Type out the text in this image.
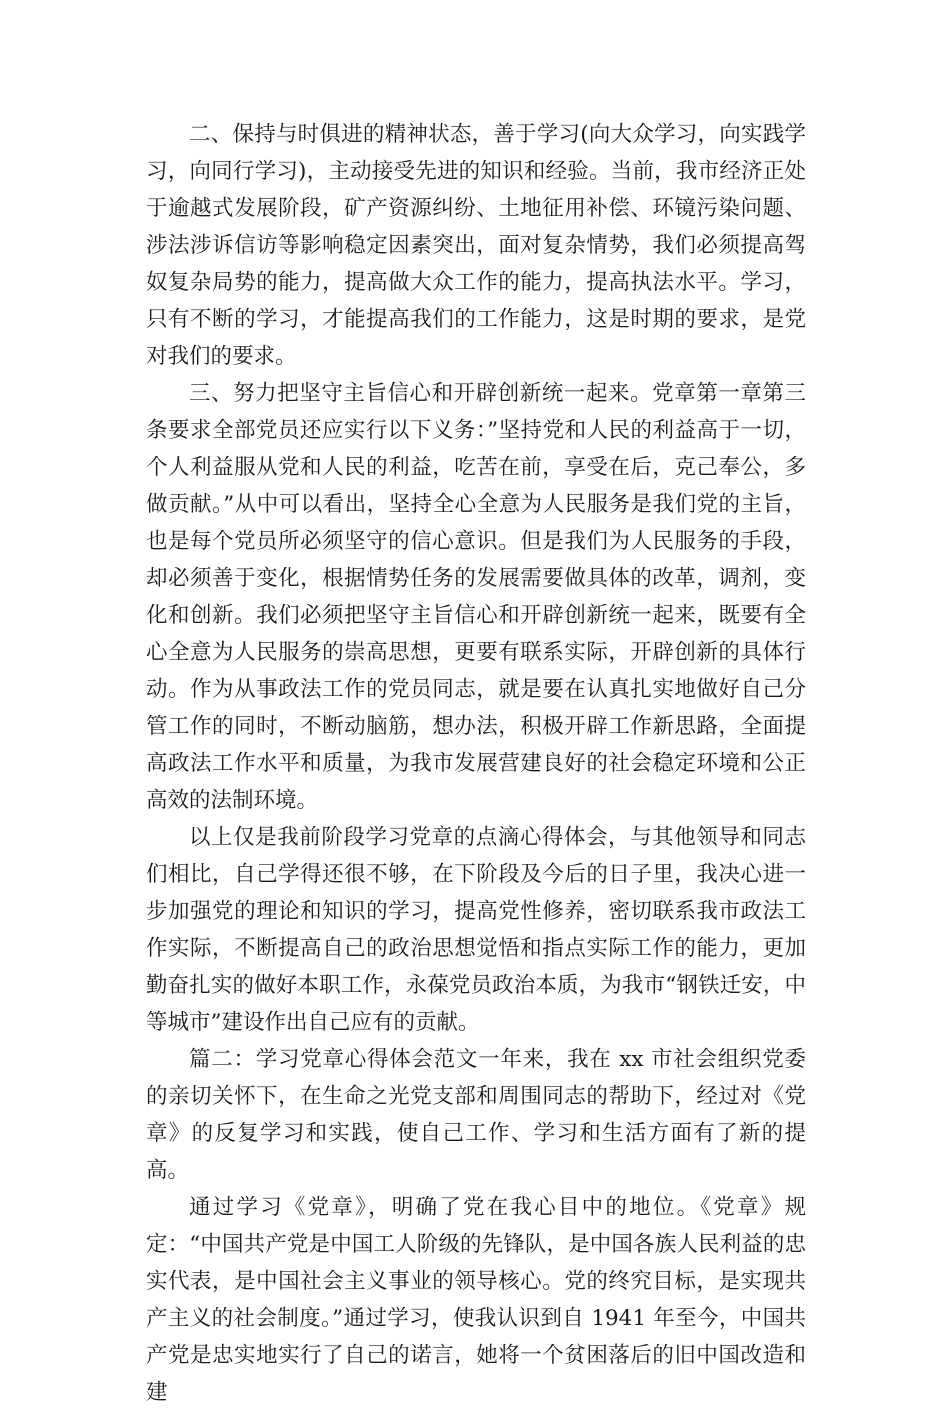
二、保持与时俱进的精神状态，善于学习(向大众学习，向实践学习，向同行学习)，主动接受先进的知识和经验。当前，我市经济正处于逾越式发展阶段，矿产资源纠纷、土地征用补偿、环镜污染问题、涉法涉诉信访等影响稳定因素突出，面对复杂情势，我们必须提高驾奴复杂局势的能力，提高做大众工作的能力，提高执法水平。学习，只有不断的学习，才能提高我们的工作能力，这是时期的要求，是党对我们的要求。

三、努力把坚守主旨信心和开辟创新统一起来。党章第一章第三条要求全部党员还应实行以下义务：”坚持党和人民的利益高于一切，个人利益服从党和人民的利益，吃苦在前，享受在后，克己奉公，多做贡献。”从中可以看出，坚持全心全意为人民服务是我们党的主旨，也是每个党员所必须坚守的信心意识。但是我们为人民服务的手段，却必须善于变化，根据情势任务的发展需要做具体的改革，调剂，变化和创新。我们必须把坚守主旨信心和开辟创新统一起来，既要有全心全意为人民服务的崇高思想，更要有联系实际，开辟创新的具体行动。作为从事政法工作的党员同志，就是要在认真扎实地做好自己分管工作的同时，不断动脑筋，想办法，积极开辟工作新思路，全面提高政法工作水平和质量，为我市发展营建良好的社会稳定环境和公正高效的法制环境。

以上仅是我前阶段学习党章的点滴心得体会，与其他领导和同志们相比，自己学得还很不够，在下阶段及今后的日子里，我决心进一步加强党的理论和知识的学习，提高党性修养，密切联系我市政法工作实际，不断提高自己的政治思想觉悟和指点实际工作的能力，更加勤奋扎实的做好本职工作，永葆党员政治本质，为我市“钢铁迁安，中等城市”建设作出自己应有的贡献。

篇二：学习党章心得体会范文一年来，我在 xx 市社会组织党委的亲切关怀下，在生命之光党支部和周围同志的帮助下，经过对《党章》的反复学习和实践，使自己工作、学习和生活方面有了新的提高。

通过学习《党章》，明确了党在我心目中的地位。《党章》规定：“中国共产党是中国工人阶级的先锋队，是中国各族人民利益的忠实代表，是中国社会主义事业的领导核心。党的终究目标，是实现共产主义的社会制度。”通过学习，使我认识到自 1941 年至今，中国共产党是忠实地实行了自己的诺言，她将一个贫困落后的旧中国改造和建
